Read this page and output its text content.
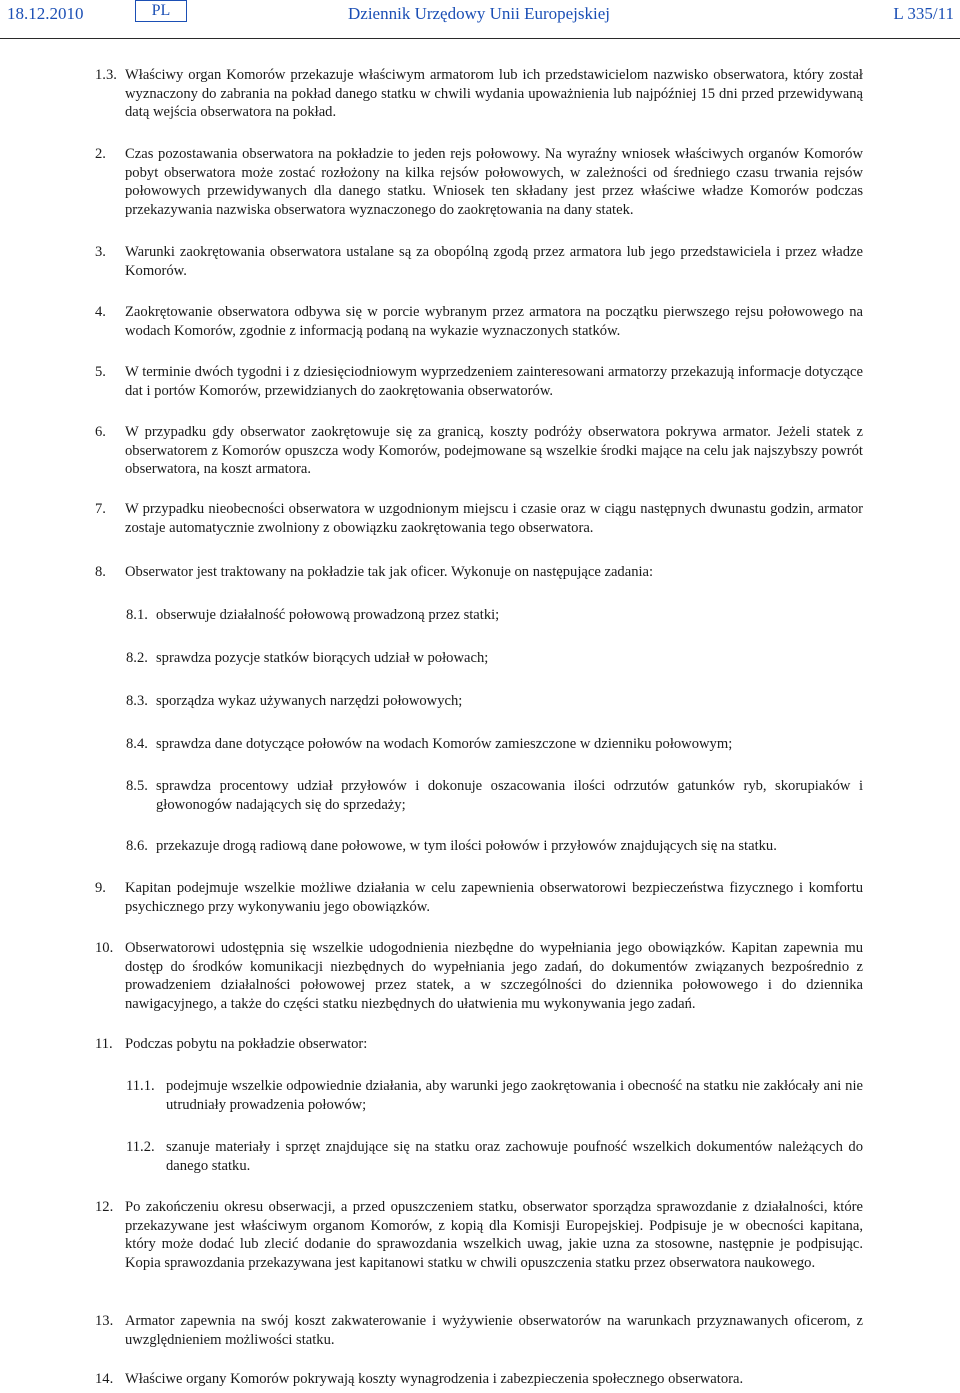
18.12.2010	PL	Dziennik Urzędowy Unii Europejskiej	L 335/11
1.3. Właściwy organ Komorów przekazuje właściwym armatorom lub ich przedstawicielom nazwisko obserwatora, który został wyznaczony do zabrania na pokład danego statku w chwili wydania upoważnienia lub najpóźniej 15 dni przed przewidywaną datą wejścia obserwatora na pokład.
2.	Czas pozostawania obserwatora na pokładzie to jeden rejs połowowy. Na wyraźny wniosek właściwych organów Komorów pobyt obserwatora może zostać rozłożony na kilka rejsów połowowych, w zależności od średniego czasu trwania rejsów połowowych przewidywanych dla danego statku. Wniosek ten składany jest przez właściwe władze Komorów podczas przekazywania nazwiska obserwatora wyznaczonego do zaokrętowania na dany statek.
3.	Warunki zaokrętowania obserwatora ustalane są za obopólną zgodą przez armatora lub jego przedstawiciela i przez władze Komorów.
4.	Zaokrętowanie obserwatora odbywa się w porcie wybranym przez armatora na początku pierwszego rejsu połowowego na wodach Komorów, zgodnie z informacją podaną na wykazie wyznaczonych statków.
5.	W terminie dwóch tygodni i z dziesięciodniowym wyprzedzeniem zainteresowani armatorzy przekazują informacje dotyczące dat i portów Komorów, przewidzianych do zaokrętowania obserwatorów.
6.	W przypadku gdy obserwator zaokrętowuje się za granicą, koszty podróży obserwatora pokrywa armator. Jeżeli statek z obserwatorem z Komorów opuszcza wody Komorów, podejmowane są wszelkie środki mające na celu jak najszybszy powrót obserwatora, na koszt armatora.
7.	W przypadku nieobecności obserwatora w uzgodnionym miejscu i czasie oraz w ciągu następnych dwunastu godzin, armator zostaje automatycznie zwolniony z obowiązku zaokrętowania tego obserwatora.
8.	Obserwator jest traktowany na pokładzie tak jak oficer. Wykonuje on następujące zadania:
8.1. obserwuje działalność połowową prowadzoną przez statki;
8.2. sprawdza pozycje statków biorących udział w połowach;
8.3. sporządza wykaz używanych narzędzi połowowych;
8.4. sprawdza dane dotyczące połowów na wodach Komorów zamieszczone w dzienniku połowowym;
8.5. sprawdza procentowy udział przyłowów i dokonuje oszacowania ilości odrzutów gatunków ryb, skorupiaków i głowonogów nadających się do sprzedaży;
8.6. przekazuje drogą radiową dane połowowe, w tym ilości połowów i przyłowów znajdujących się na statku.
9.	Kapitan podejmuje wszelkie możliwe działania w celu zapewnienia obserwatorowi bezpieczeństwa fizycznego i komfortu psychicznego przy wykonywaniu jego obowiązków.
10. Obserwatorowi udostępnia się wszelkie udogodnienia niezbędne do wypełniania jego obowiązków. Kapitan zapewnia mu dostęp do środków komunikacji niezbędnych do wypełniania jego zadań, do dokumentów związanych bezpośrednio z prowadzeniem działalności połowowej przez statek, a w szczególności do dziennika połowowego i do dziennika nawigacyjnego, a także do części statku niezbędnych do ułatwienia mu wykonywania jego zadań.
11. Podczas pobytu na pokładzie obserwator:
11.1. podejmuje wszelkie odpowiednie działania, aby warunki jego zaokrętowania i obecność na statku nie zakłócały ani nie utrudniały prowadzenia połowów;
11.2. szanuje materiały i sprzęt znajdujące się na statku oraz zachowuje poufność wszelkich dokumentów należących do danego statku.
12. Po zakończeniu okresu obserwacji, a przed opuszczeniem statku, obserwator sporządza sprawozdanie z działalności, które przekazywane jest właściwym organom Komorów, z kopią dla Komisji Europejskiej. Podpisuje je w obecności kapitana, który może dodać lub zlecić dodanie do sprawozdania wszelkich uwag, jakie uzna za stosowne, następnie je podpisując. Kopia sprawozdania przekazywana jest kapitanowi statku w chwili opuszczenia statku przez obserwatora naukowego.
13. Armator zapewnia na swój koszt zakwaterowanie i wyżywienie obserwatorów na warunkach przyznawanych oficerom, z uwzględnieniem możliwości statku.
14. Właściwe organy Komorów pokrywają koszty wynagrodzenia i zabezpieczenia społecznego obserwatora.
